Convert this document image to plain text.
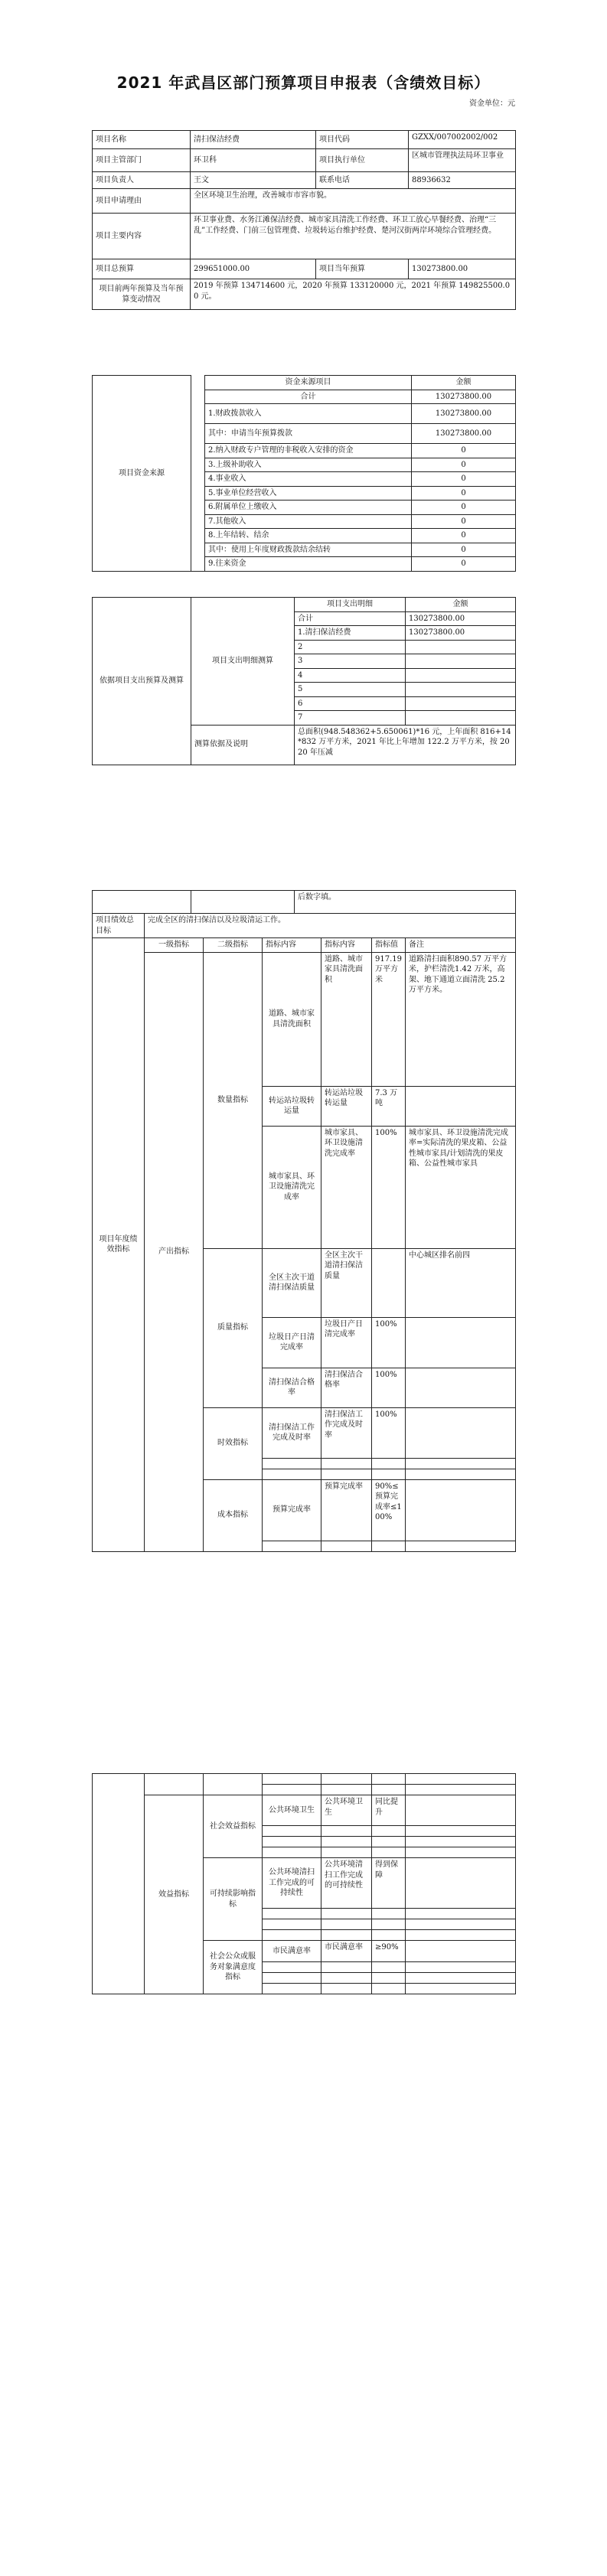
2021 年武昌区部门预算项目申报表（含绩效目标）
资金单位：元
项目名称	清扫保洁经费	项目代码	GZXX/007002002/002
项目主管部门	环卫科	项目执行单位	区城市管理执法局环卫事业
项目负责人	王文	联系电话	88936632
项目申请理由	全区环境卫生治理，改善城市市容市貌。		
项目主要内容	环卫事业费、水务江滩保洁经费、城市家具清洗工作经费、环卫工放心早餐经费、治理“三乱”工作经费、门前三包管理费、垃圾转运台维护经费、楚河汉街两岸环境综合管理经费。		
项目总预算	299651000.00	项目当年预算	130273800.00
项目前两年预算及当年预算变动情况	2019 年预算 134714600 元，2020 年预算 133120000 元，2021 年预算 149825500.00 元。		
项目资金来源		资金来源项目	金额
		合计	130273800.00
		1.财政拨款收入	130273800.00
		其中：申请当年预算拨款	130273800.00
		2.纳入财政专户管理的非税收入安排的资金	0
		3.上级补助收入	0
		4.事业收入	0
		5.事业单位经营收入	0
		6.附属单位上缴收入	0
		7.其他收入	0
		8.上年结转、结余	0
		其中：使用上年度财政拨款结余结转	0
		9.往来资金	0
依据项目支出预算及测算	项目支出明细测算	项目支出明细	金额
		合计	130273800.00
		1.清扫保洁经费	130273800.00
		2	
		3	
		4	
		5	
		6	
		7	
	测算依据及说明	总面积(948.548362+5.650061)*16 元，上年面积 816+14*832 万平方米，2021 年比上年增加 122.2 万平方米，按 2020 年压减	
		后数字填。
项目绩效总目标	完成全区的清扫保洁以及垃圾清运工作。					
项目年度绩效指标	一级指标	二级指标	指标内容	指标内容	指标值	备注
	产出指标	数量指标	道路、城市家具清洗面积	道路、城市家具清洗面积	917.19万平方米	道路清扫面积890.57 万平方米，护栏清洗1.42 万米，高架、地下通道立面清洗 25.2万平方米。
			转运站垃圾转运量	转运站垃圾转运量	7.3 万吨	
			城市家具、环卫设施清洗完成率	城市家具、环卫设施清洗完成率	100%	城市家具、环卫设施清洗完成率=实际清洗的果皮箱、公益性城市家具/计划清洗的果皮箱、公益性城市家具
		质量指标	全区主次干道清扫保洁质量	全区主次干道清扫保洁质量		中心城区排名前四
			垃圾日产日清完成率	垃圾日产日清完成率	100%	
			清扫保洁合格率	清扫保洁合格率	100%	
		时效指标	清扫保洁工作完成及时率	清扫保洁工作完成及时率	100%	

		成本指标	预算完成率	预算完成率	90%≤预算完成率≤100%	

	效益指标	社会效益指标	公共环境卫生	公共环境卫生	同比提升	

		可持续影响指标	公共环境清扫工作完成的可持续性	公共环境清扫工作完成的可持续性	得到保障	

		社会公众或服务对象满意度指标	市民满意率	市民满意率	≥90%	
